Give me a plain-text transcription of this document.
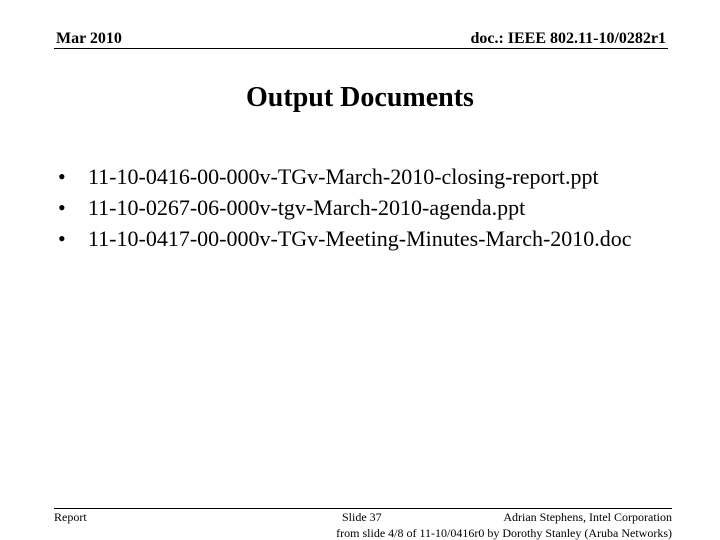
Mar 2010	doc.: IEEE 802.11-10/0282r1
Output Documents
• 11-10-0416-00-000v-TGv-March-2010-closing-report.ppt
• 11-10-0267-06-000v-tgv-March-2010-agenda.ppt
• 11-10-0417-00-000v-TGv-Meeting-Minutes-March-2010.doc
Report	Slide 37	Adrian Stephens, Intel Corporation
from slide 4/8 of 11-10/0416r0 by Dorothy Stanley (Aruba Networks)
